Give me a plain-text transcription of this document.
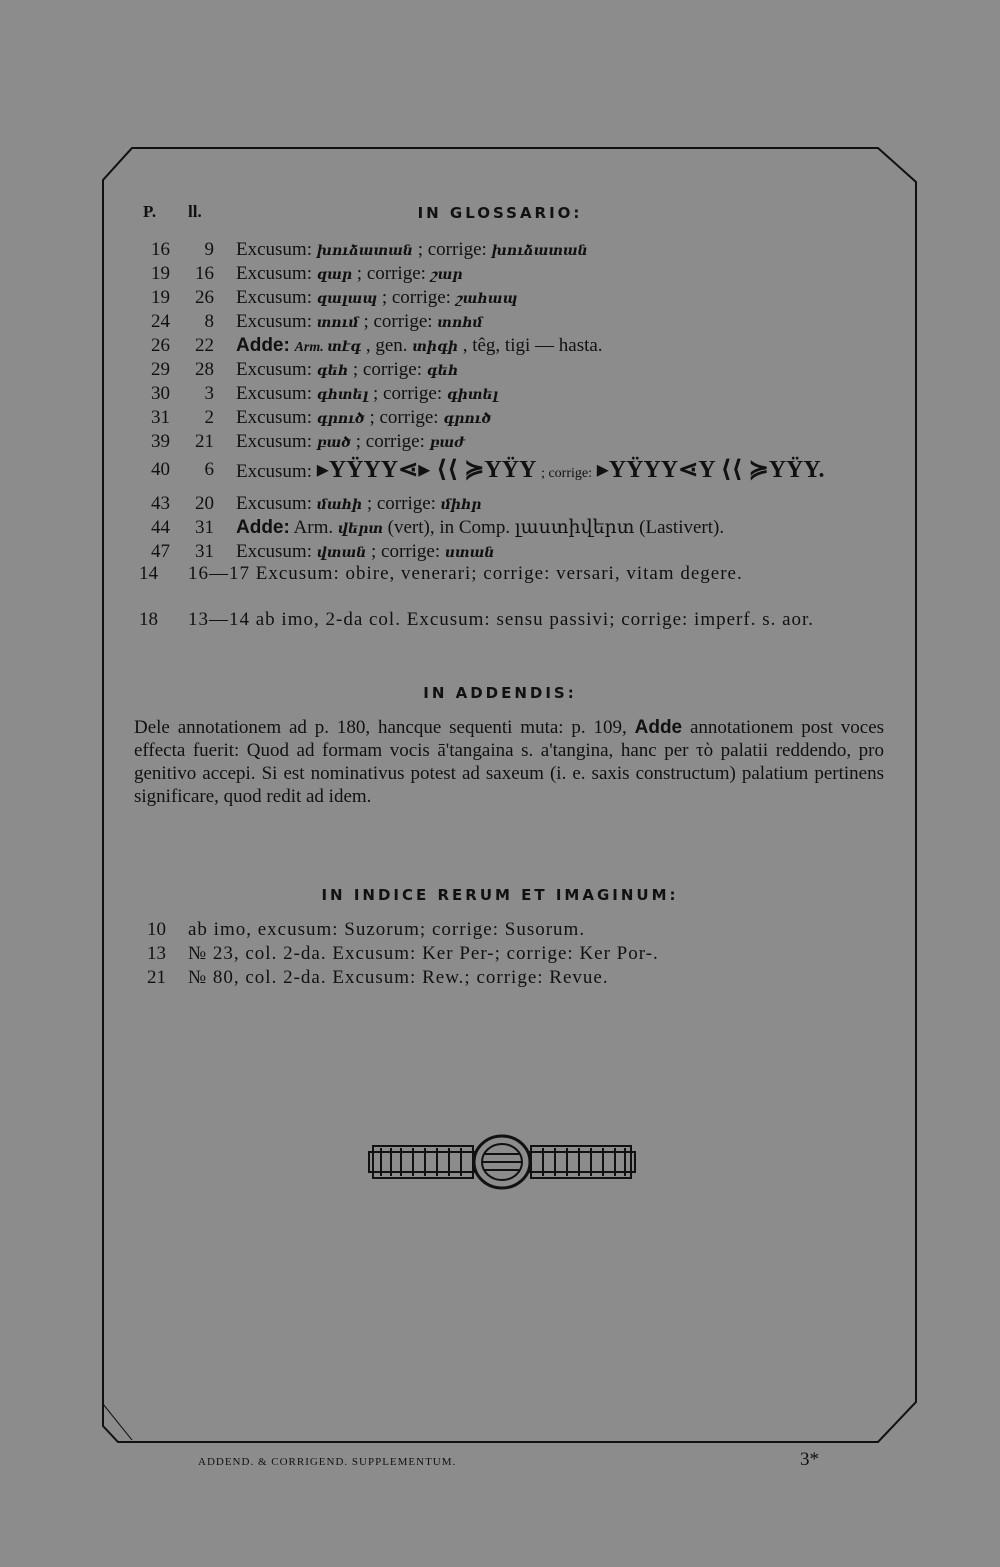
P. ll.	IN GLOSSARIO:
16	9 Excusum: խուձատան ; corrige: խուձատան
19	16 Excusum: զար ; corrige: շար
19	26 Excusum: զալապ ; corrige: շահապ
24	8 Excusum: տում ; corrige: տոհմ
26	22 Adde: Arm. տէգ , gen. տիգի , têg, tigi — hasta.
29	28 Excusum: գեհ ; corrige: գեհ
30	3 Excusum: գհտել ; corrige: գիտել
31	2 Excusum: գրուծ ; corrige: գրուծ
39	21 Excusum: բած ; corrige: բաժ
40	6 Excusum: ▸YŸYY⋖▸ ⟨⟨ ≽YŸY ; corrige: ▸YŸYY⋖Y ⟨⟨ ≽YŸY.
43	20 Excusum: մահի ; corrige: միհր
44	31 Adde: Arm. վերտ (vert), in Comp. լաստիվերտ (Lastivert).
47	31 Excusum: վտան ; corrige: ստան
14 16—17 Excusum: obire, venerari; corrige: versari, vitam degere.
18 13—14 ab imo, 2-da col. Excusum: sensu passivi; corrige: imperf. s. aor.
IN ADDENDIS:
Dele annotationem ad p. 180, hancque sequenti muta: p. 109, Adde annotationem post voces effecta fuerit: Quod ad formam vocis ā'tangaina s. a'tangina, hanc per τὸ palatii reddendo, pro genitivo accepi. Si est nominativus potest ad saxeum (i. e. saxis constructum) palatium pertinens significare, quod redit ad idem.
IN INDICE RERUM ET IMAGINUM:
10 ab imo, excusum: Suzorum; corrige: Susorum.
13 № 23, col. 2-da. Excusum: Ker Per-; corrige: Ker Por-.
21 № 80, col. 2-da. Excusum: Rew.; corrige: Revue.
ADDEND. & CORRIGEND. SUPPLEMENTUM.	3*
